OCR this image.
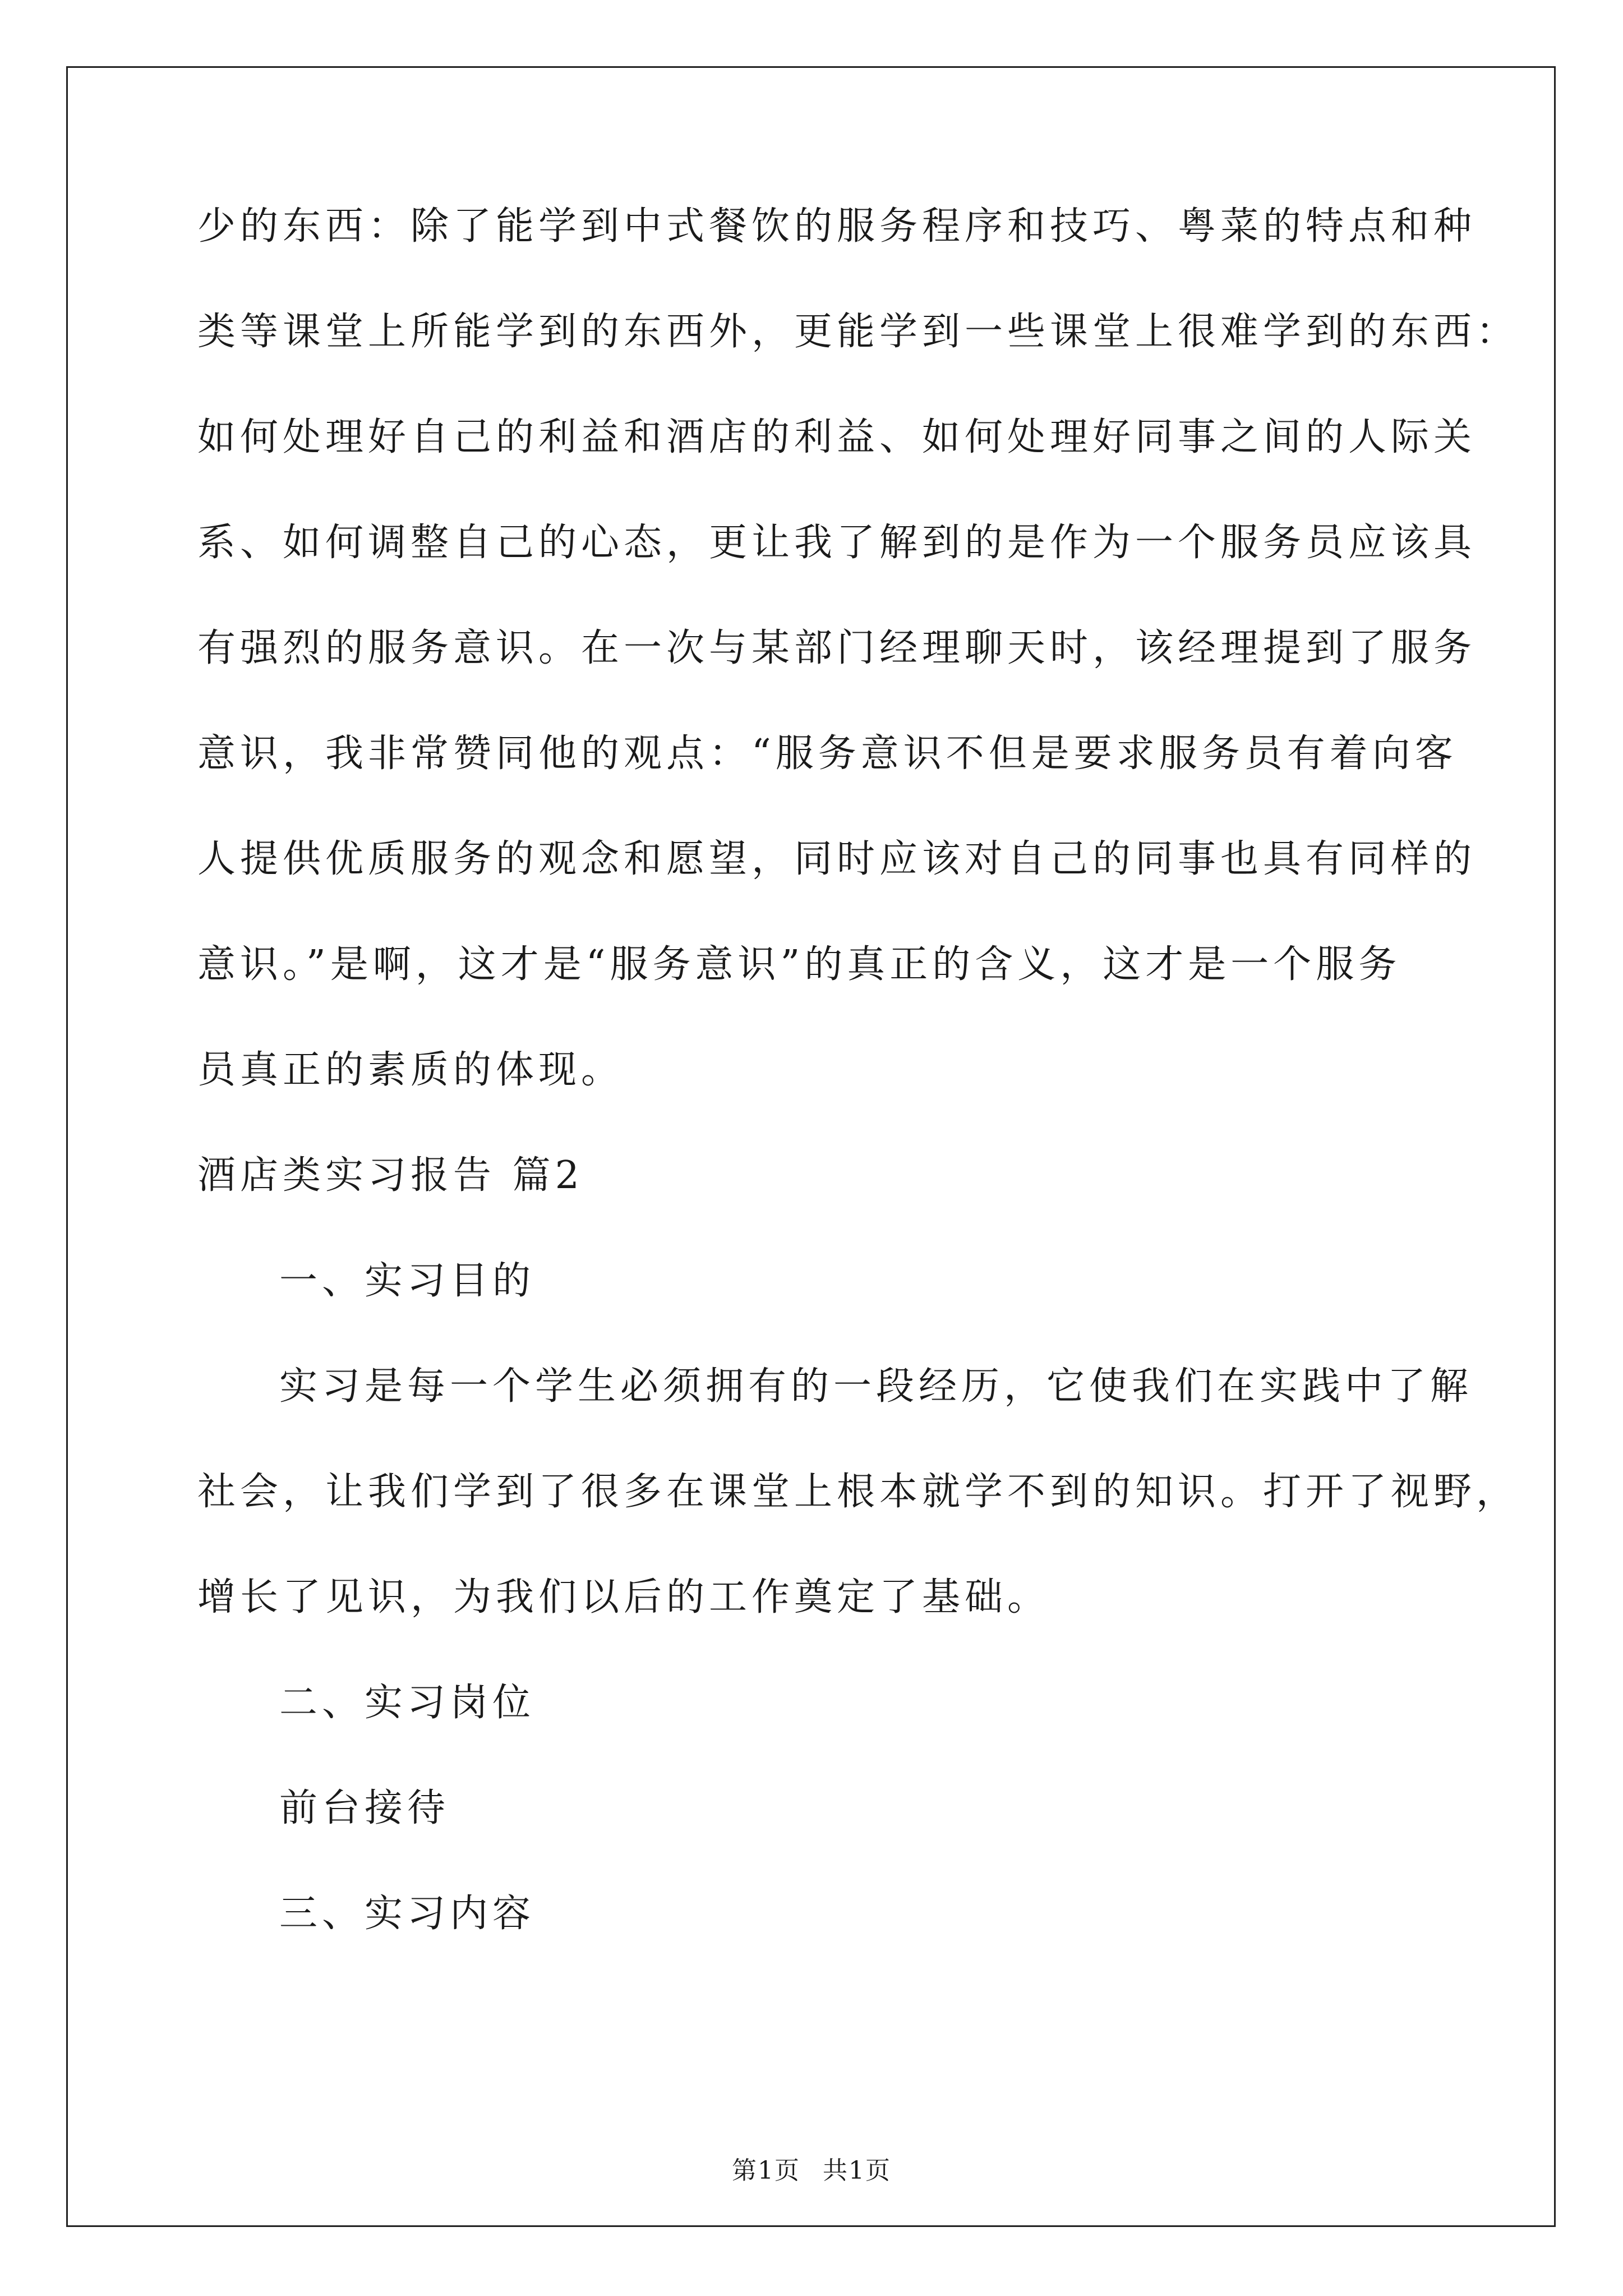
少的东西：除了能学到中式餐饮的服务程序和技巧、粤菜的特点和种
类等课堂上所能学到的东西外，更能学到一些课堂上很难学到的东西：
如何处理好自己的利益和酒店的利益、如何处理好同事之间的人际关
系、如何调整自己的心态，更让我了解到的是作为一个服务员应该具
有强烈的服务意识。在一次与某部门经理聊天时，该经理提到了服务
意识，我非常赞同他的观点：“服务意识不但是要求服务员有着向客
人提供优质服务的观念和愿望，同时应该对自己的同事也具有同样的
意识。”是啊，这才是“服务意识”的真正的含义，这才是一个服务
员真正的素质的体现。
酒店类实习报告 篇2
一、实习目的
实习是每一个学生必须拥有的一段经历，它使我们在实践中了解
社会，让我们学到了很多在课堂上根本就学不到的知识。打开了视野，
增长了见识，为我们以后的工作奠定了基础。
二、实习岗位
前台接待
三、实习内容
第1页 共1页
